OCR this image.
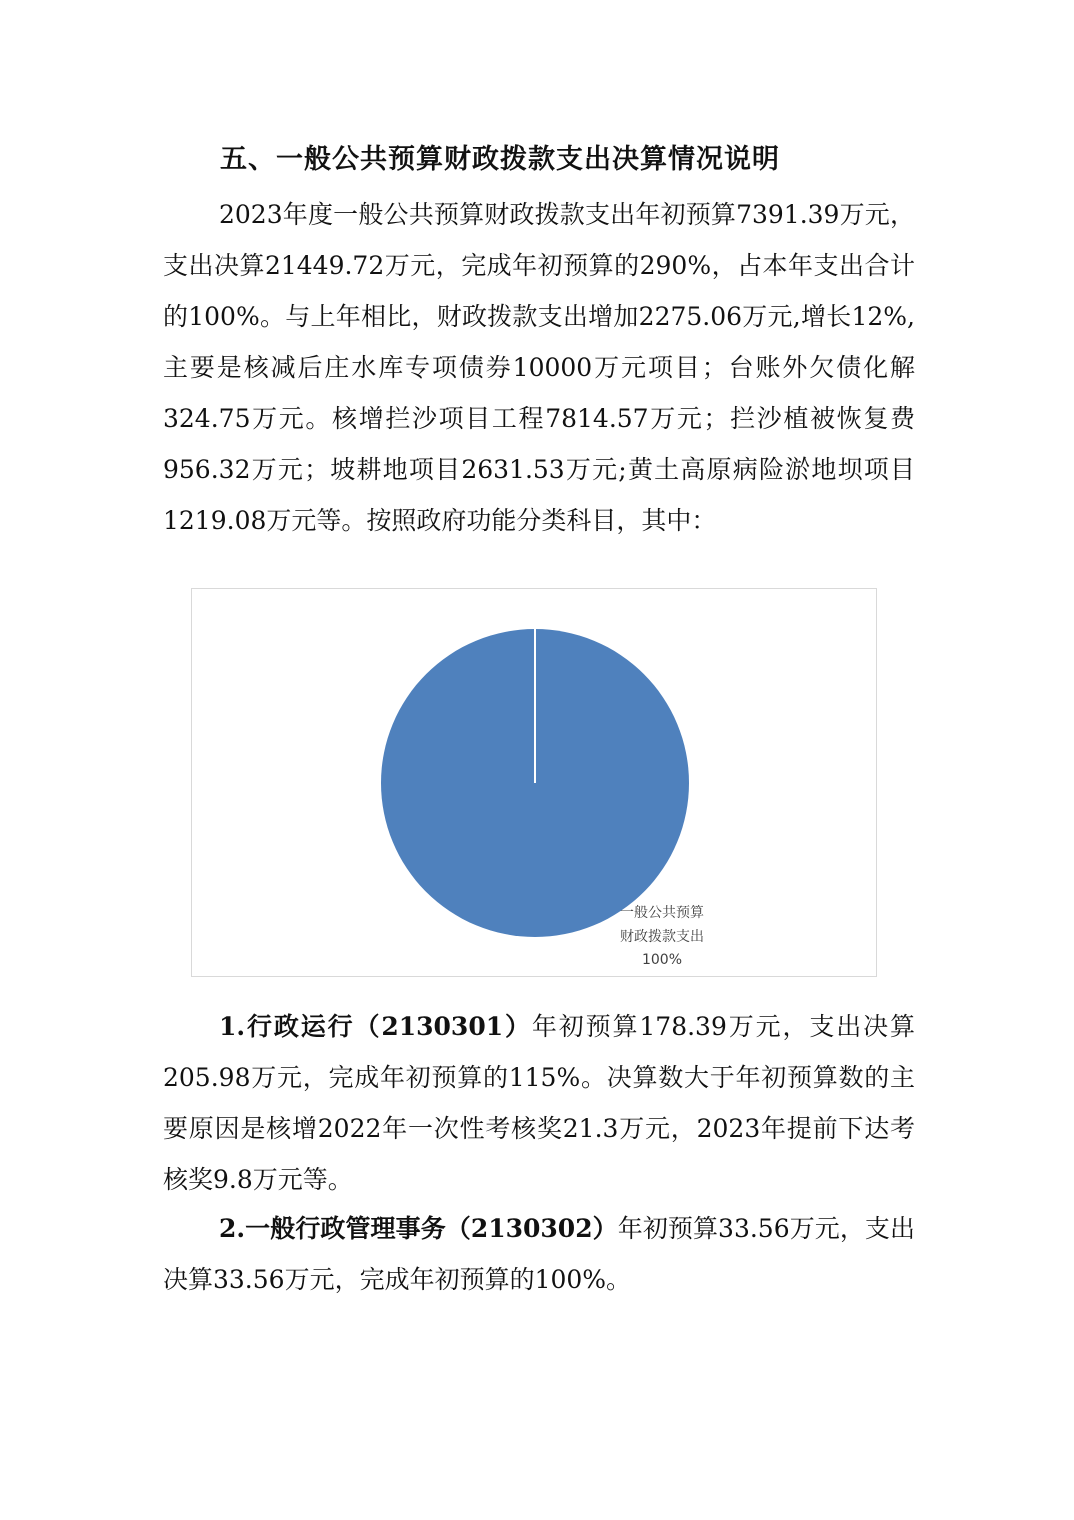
五、一般公共预算财政拨款支出决算情况说明

2023年度一般公共预算财政拨款支出年初预算7391.39万元，支出决算21449.72万元，完成年初预算的290%，占本年支出合计的100%。与上年相比，财政拨款支出增加2275.06万元,增长12%,主要是核减后庄水库专项债券10000万元项目；台账外欠债化解324.75万元。核增拦沙项目工程7814.57万元；拦沙植被恢复费956.32万元；坡耕地项目2631.53万元;黄土高原病险淤地坝项目1219.08万元等。按照政府功能分类科目，其中：

一般公共预算
财政拨款支出
100%

1.行政运行（2130301）年初预算178.39万元，支出决算205.98万元，完成年初预算的115%。决算数大于年初预算数的主要原因是核增2022年一次性考核奖21.3万元，2023年提前下达考核奖9.8万元等。

2.一般行政管理事务（2130302）年初预算33.56万元，支出决算33.56万元，完成年初预算的100%。
